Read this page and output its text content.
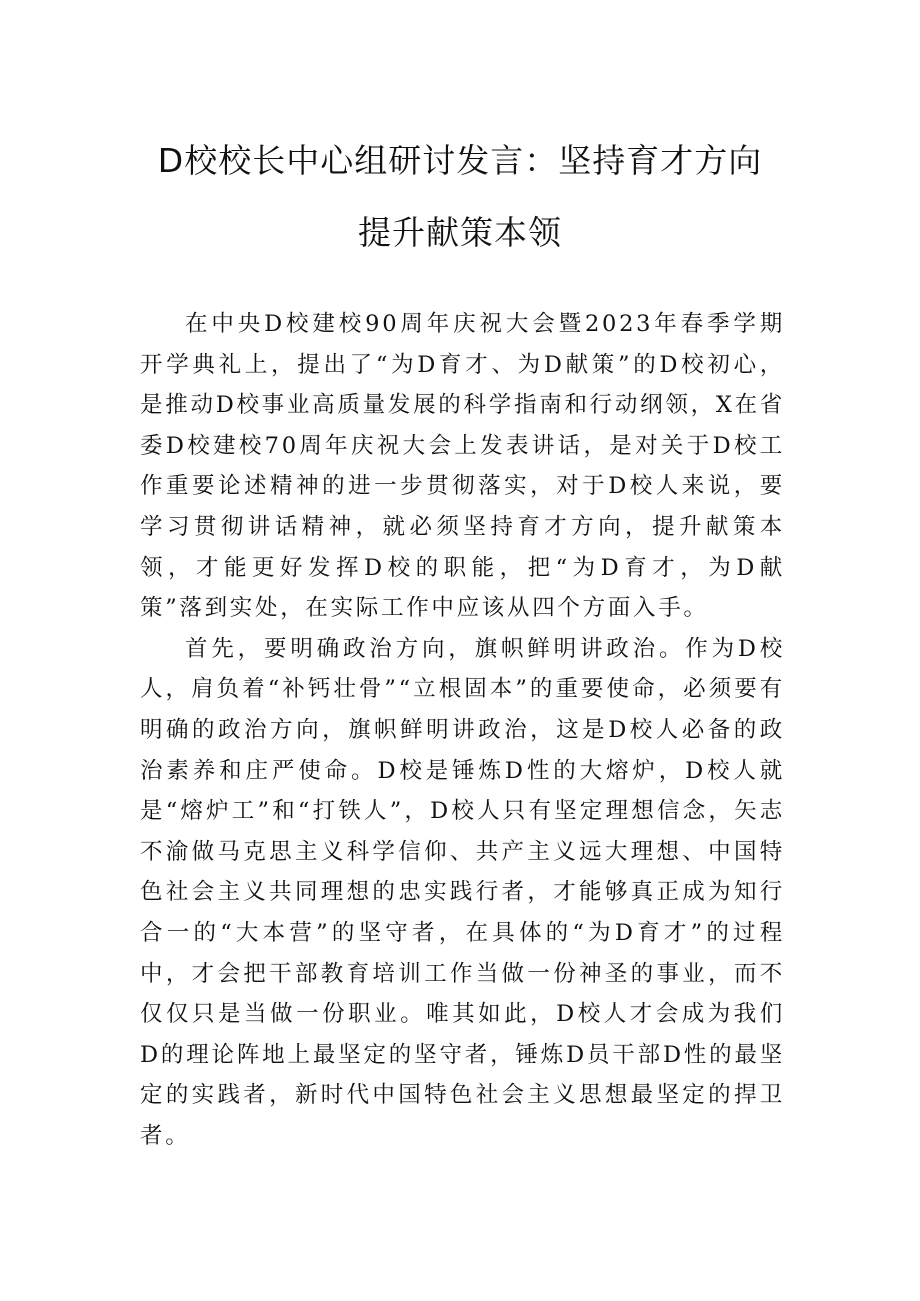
D校校长中心组研讨发言：坚持育才方向
提升献策本领

在中央D校建校90周年庆祝大会暨2023年春季学期开学典礼上，提出了“为D育才、为D献策”的D校初心，是推动D校事业高质量发展的科学指南和行动纲领，X在省委D校建校70周年庆祝大会上发表讲话，是对关于D校工作重要论述精神的进一步贯彻落实，对于D校人来说，要学习贯彻讲话精神，就必须坚持育才方向，提升献策本领，才能更好发挥D校的职能，把“为D育才，为D献策”落到实处，在实际工作中应该从四个方面入手。

首先，要明确政治方向，旗帜鲜明讲政治。作为D校人，肩负着“补钙壮骨”“立根固本”的重要使命，必须要有明确的政治方向，旗帜鲜明讲政治，这是D校人必备的政治素养和庄严使命。D校是锤炼D性的大熔炉，D校人就是“熔炉工”和“打铁人”，D校人只有坚定理想信念，矢志不渝做马克思主义科学信仰、共产主义远大理想、中国特色社会主义共同理想的忠实践行者，才能够真正成为知行合一的“大本营”的坚守者，在具体的“为D育才”的过程中，才会把干部教育培训工作当做一份神圣的事业，而不仅仅只是当做一份职业。唯其如此，D校人才会成为我们D的理论阵地上最坚定的坚守者，锤炼D员干部D性的最坚定的实践者，新时代中国特色社会主义思想最坚定的捍卫者。
